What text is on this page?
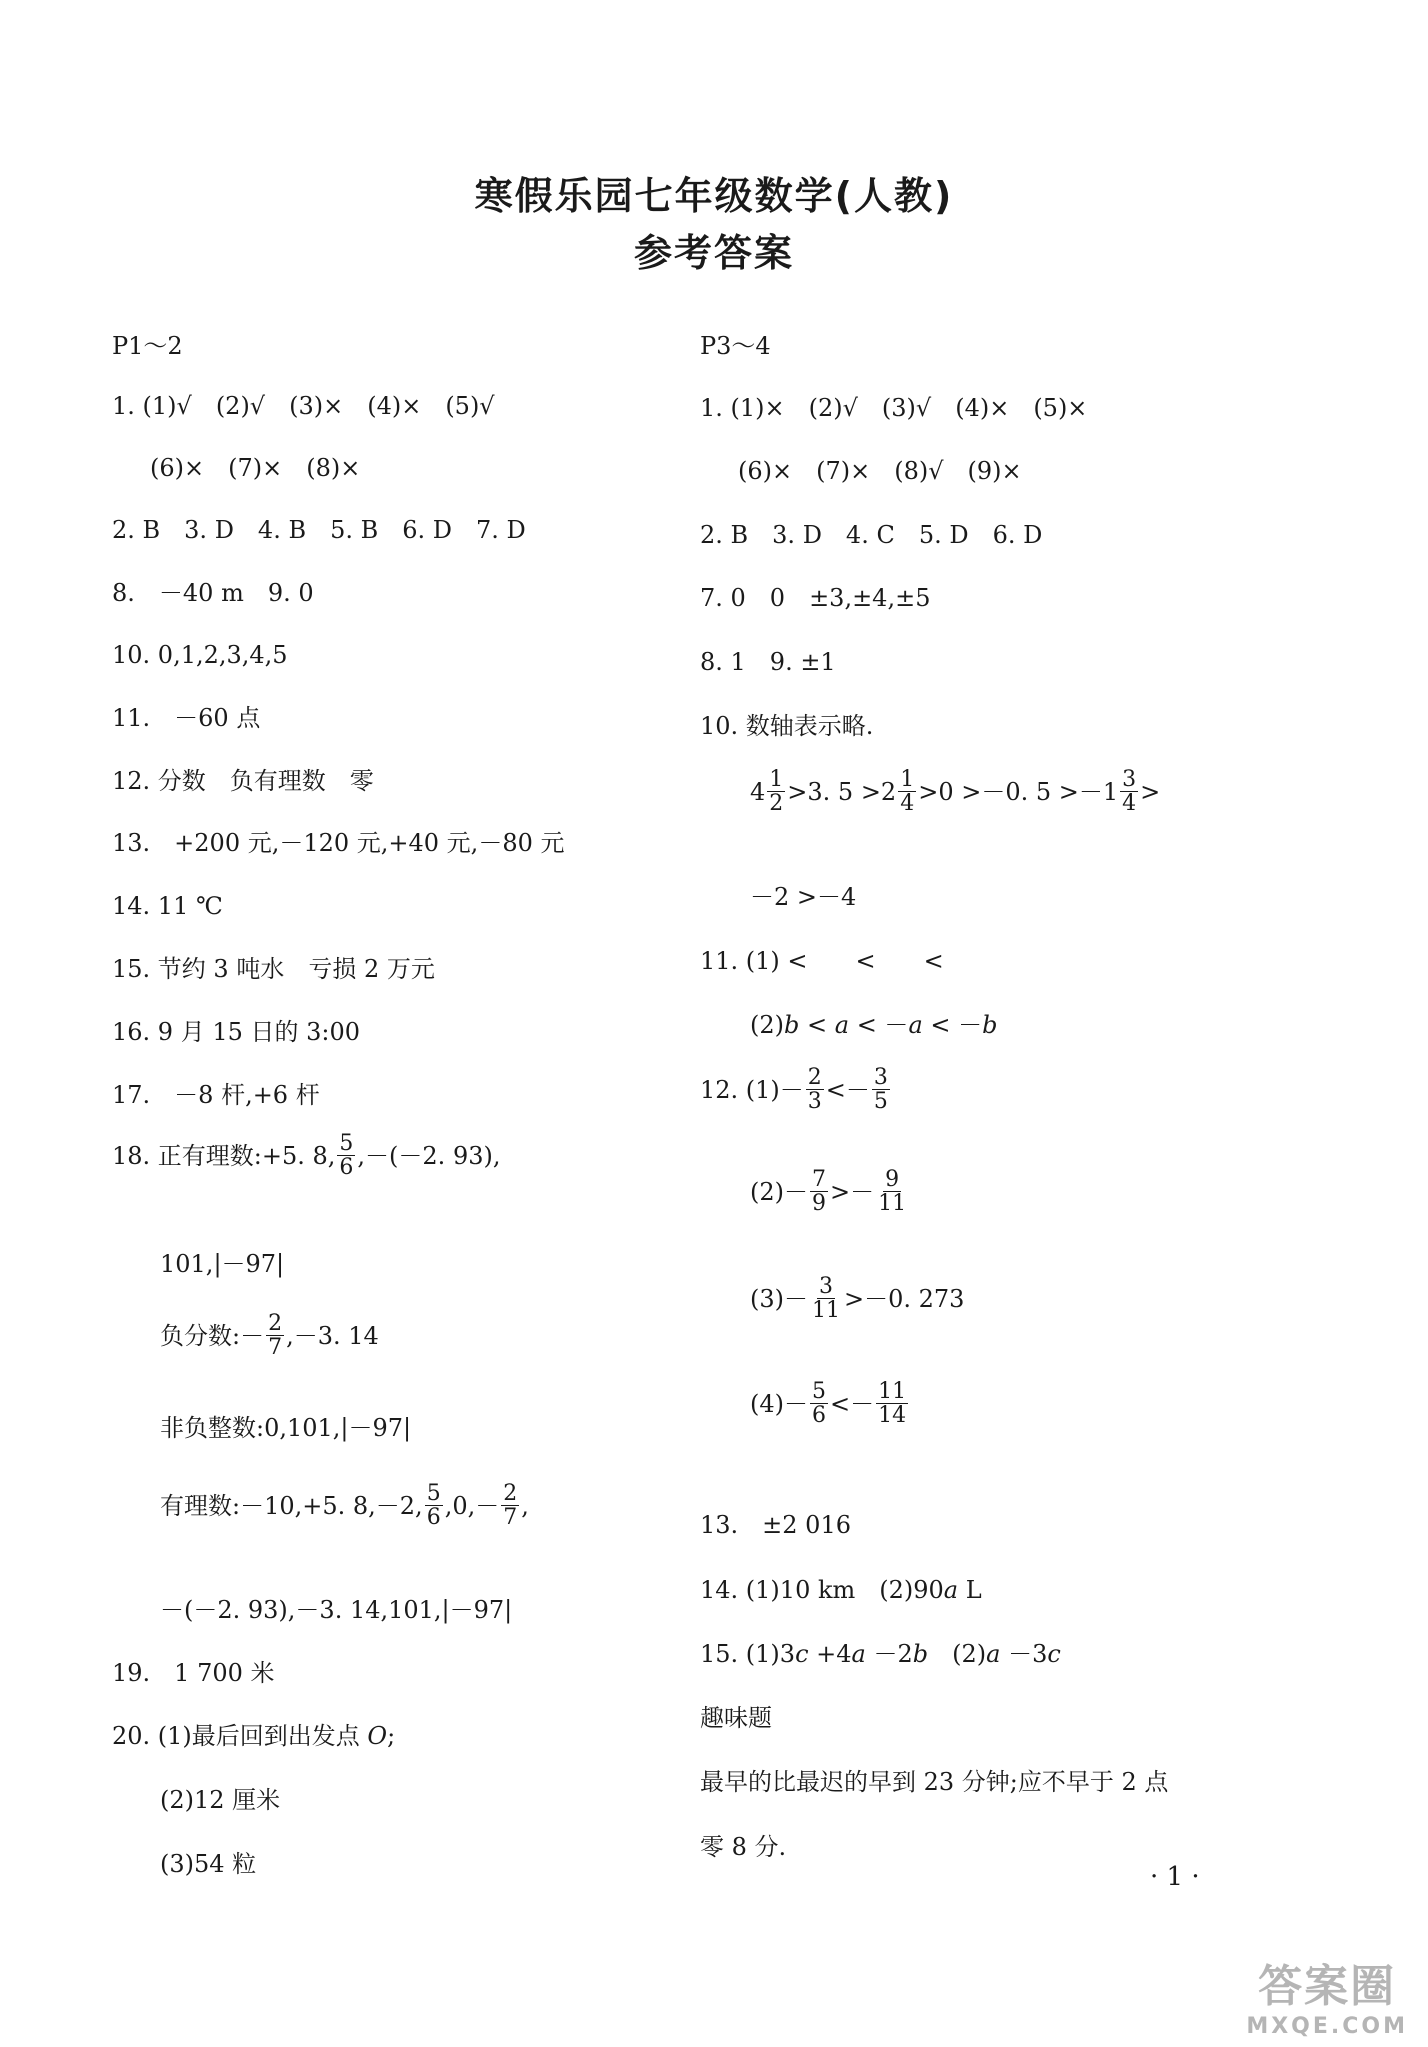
寒假乐园七年级数学(人教)
参考答案
P1～2
1. (1)√　(2)√　(3)×　(4)×　(5)√
(6)×　(7)×　(8)×
2. B　3. D　4. B　5. B　6. D　7. D
8.　－40 m　9. 0
10. 0,1,2,3,4,5
11.　－60 点
12. 分数　负有理数　零
13.　+200 元,－120 元,+40 元,－80 元
14. 11 ℃
15. 节约 3 吨水　亏损 2 万元
16. 9 月 15 日的 3:00
17.　－8 杆,+6 杆
18. 正有理数:+5. 8, $\frac{5}{6} ,-(-2$. 93),
101,|－97|
负分数:－ $\frac{2}{7} ,-3$. 14
非负整数:0,101,|－97|
有理数:－10,+5. 8,－2, $\frac{5}{6} ,0,- \frac{2}{7}$ ,
－(－2. 93),－3. 14,101,|－97|
19.　1 700 米
20. (1)最后回到出发点 O;
(2)12 厘米
(3)54 粒
P3～4
1. (1)×　(2)√　(3)√　(4)×　(5)×
(6)×　(7)×　(8)√　(9)×
2. B　3. D　4. C　5. D　6. D
7. 0　0　±3,±4,±5
8. 1　9. ±1
10. 数轴表示略.
$4 \frac{1}{2} >3$. $5 >2 \frac{1}{4} >0 >-0$. $5 >-1 \frac{3}{4}$ >
－2 >－4
11. (1) <　　<　　<
(2)b < a < －a < －b
12. $(1)- \frac{2}{3} <- \frac{3}{5}$
$(2)- \frac{7}{9} >- \frac{9}{11}$
$(3)- \frac{3}{11} >-0$. 273
$(4)- \frac{5}{6} <- \frac{11}{14}$
13.　±2 016
14. (1)10 km　(2)90a L
15. (1)3c +4a －2b　(2)a －3c
趣味题
最早的比最迟的早到 23 分钟;应不早于 2 点
零 8 分.
· 1 ·
答案圈
MXQE.COM
